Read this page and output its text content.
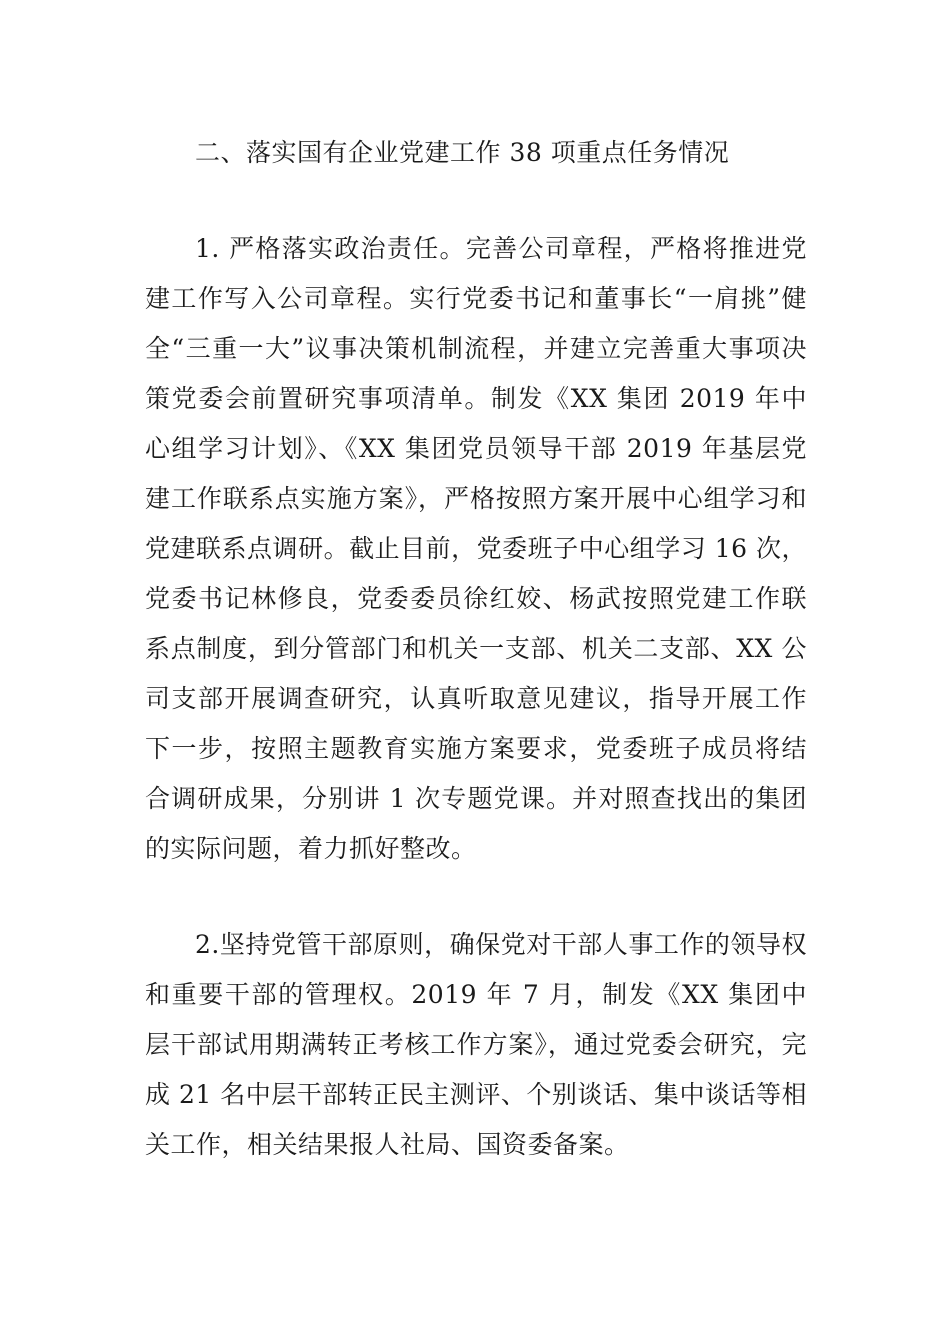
二、落实国有企业党建工作 38 项重点任务情况
1. 严格落实政治责任。完善公司章程，严格将推进党建工作写入公司章程。实行党委书记和董事长“一肩挑”健全“三重一大”议事决策机制流程，并建立完善重大事项决策党委会前置研究事项清单。制发《XX 集团 2019 年中心组学习计划》、《XX 集团党员领导干部 2019 年基层党建工作联系点实施方案》，严格按照方案开展中心组学习和党建联系点调研。截止目前，党委班子中心组学习 16 次，党委书记林修良，党委委员徐红姣、杨武按照党建工作联系点制度，到分管部门和机关一支部、机关二支部、XX 公司支部开展调查研究，认真听取意见建议，指导开展工作下一步，按照主题教育实施方案要求，党委班子成员将结合调研成果，分别讲 1 次专题党课。并对照查找出的集团的实际问题，着力抓好整改。
2.坚持党管干部原则，确保党对干部人事工作的领导权和重要干部的管理权。2019 年 7 月，制发《XX 集团中层干部试用期满转正考核工作方案》，通过党委会研究，完成 21 名中层干部转正民主测评、个别谈话、集中谈话等相关工作，相关结果报人社局、国资委备案。
